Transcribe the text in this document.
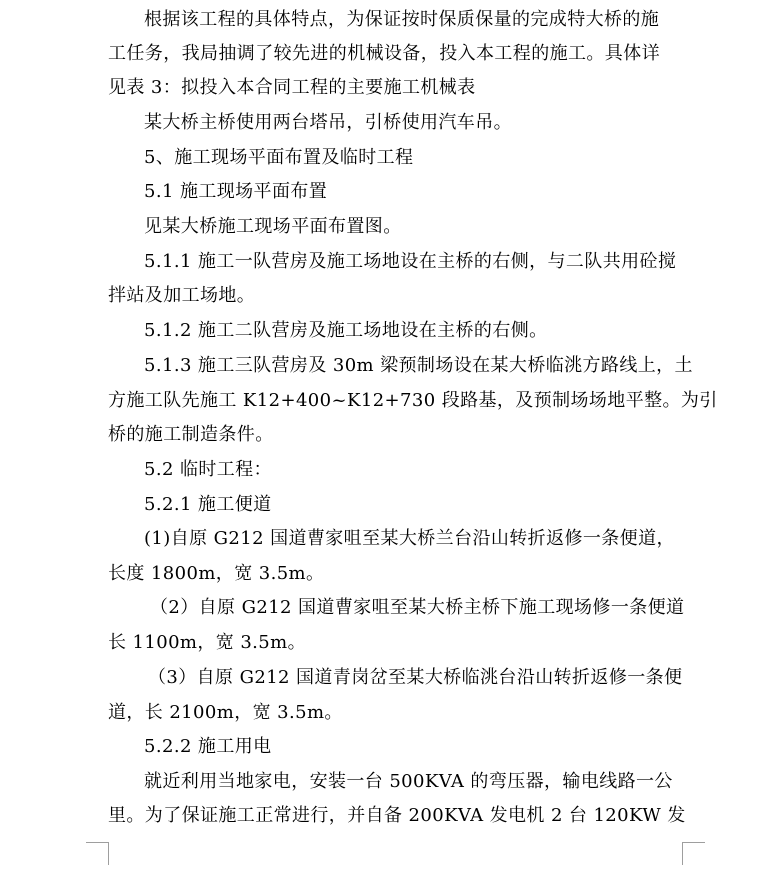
根据该工程的具体特点，为保证按时保质保量的完成特大桥的施
工任务，我局抽调了较先进的机械设备，投入本工程的施工。具体详
见表 3：拟投入本合同工程的主要施工机械表
某大桥主桥使用两台塔吊，引桥使用汽车吊。
5、施工现场平面布置及临时工程
5.1 施工现场平面布置
见某大桥施工现场平面布置图。
5.1.1 施工一队营房及施工场地设在主桥的右侧，与二队共用砼搅
拌站及加工场地。
5.1.2 施工二队营房及施工场地设在主桥的右侧。
5.1.3 施工三队营房及 30m 梁预制场设在某大桥临洮方路线上，土
方施工队先施工 K12+400~K12+730 段路基，及预制场场地平整。为引
桥的施工制造条件。
5.2 临时工程：
5.2.1 施工便道
(1)自原 G212 国道曹家咀至某大桥兰台沿山转折返修一条便道，
长度 1800m，宽 3.5m。
（2）自原 G212 国道曹家咀至某大桥主桥下施工现场修一条便道
长 1100m，宽 3.5m。
（3）自原 G212 国道青岗岔至某大桥临洮台沿山转折返修一条便
道，长 2100m，宽 3.5m。
5.2.2 施工用电
就近利用当地家电，安装一台 500KVA 的弯压器，输电线路一公
里。为了保证施工正常进行，并自备 200KVA 发电机 2 台 120KW 发
